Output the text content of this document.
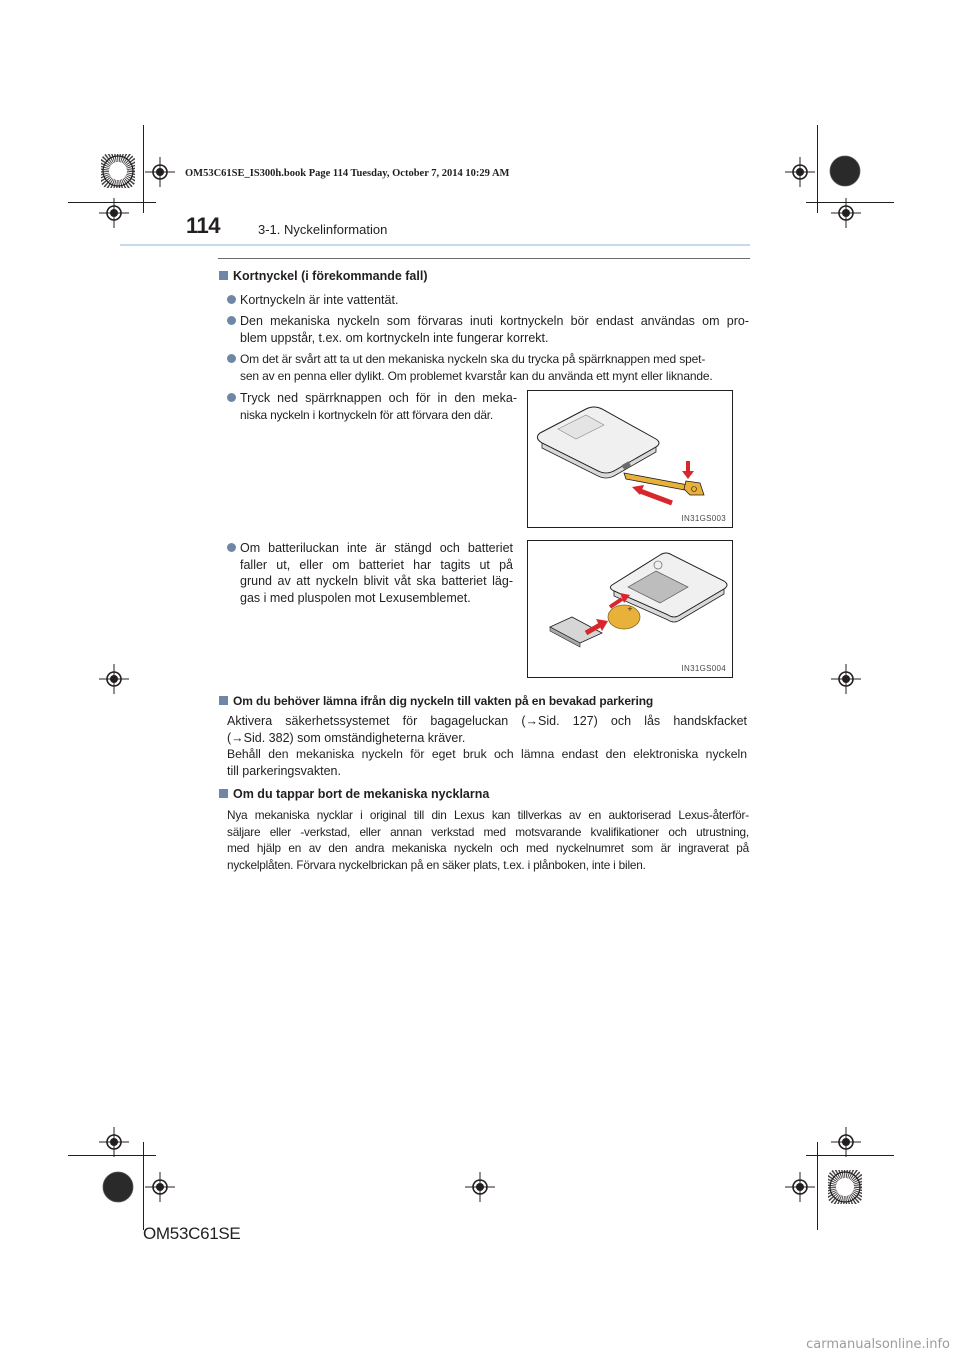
OM53C61SE_IS300h.book Page 114 Tuesday, October 7, 2014 10:29 AM
114	3-1. Nyckelinformation
Kortnyckel (i förekommande fall)
Kortnyckeln är inte vattentät.
Den mekaniska nyckeln som förvaras inuti kortnyckeln bör endast användas om pro-
blem uppstår, t.ex. om kortnyckeln inte fungerar korrekt.
Om det är svårt att ta ut den mekaniska nyckeln ska du trycka på spärrknappen med spet-
sen av en penna eller dylikt. Om problemet kvarstår kan du använda ett mynt eller liknande.
Tryck ned spärrknappen och för in den meka-
niska nyckeln i kortnyckeln för att förvara den där.
IN31GS003
Om batteriluckan inte är stängd och batteriet
faller ut, eller om batteriet har tagits ut på
grund av att nyckeln blivit våt ska batteriet läg-
gas i med pluspolen mot Lexusemblemet.
+
IN31GS004
Om du behöver lämna ifrån dig nyckeln till vakten på en bevakad parkering
Aktivera säkerhetssystemet för bagageluckan (→Sid. 127) och lås handskfacket
(→Sid. 382) som omständigheterna kräver.
Behåll den mekaniska nyckeln för eget bruk och lämna endast den elektroniska nyckeln
till parkeringsvakten.
Om du tappar bort de mekaniska nycklarna
Nya mekaniska nycklar i original till din Lexus kan tillverkas av en auktoriserad Lexus-återför-
säljare eller -verkstad, eller annan verkstad med motsvarande kvalifikationer och utrustning,
med hjälp en av den andra mekaniska nyckeln och med nyckelnumret som är ingraverat på
nyckelplåten. Förvara nyckelbrickan på en säker plats, t.ex. i plånboken, inte i bilen.
OM53C61SE
carmanualsonline.info
